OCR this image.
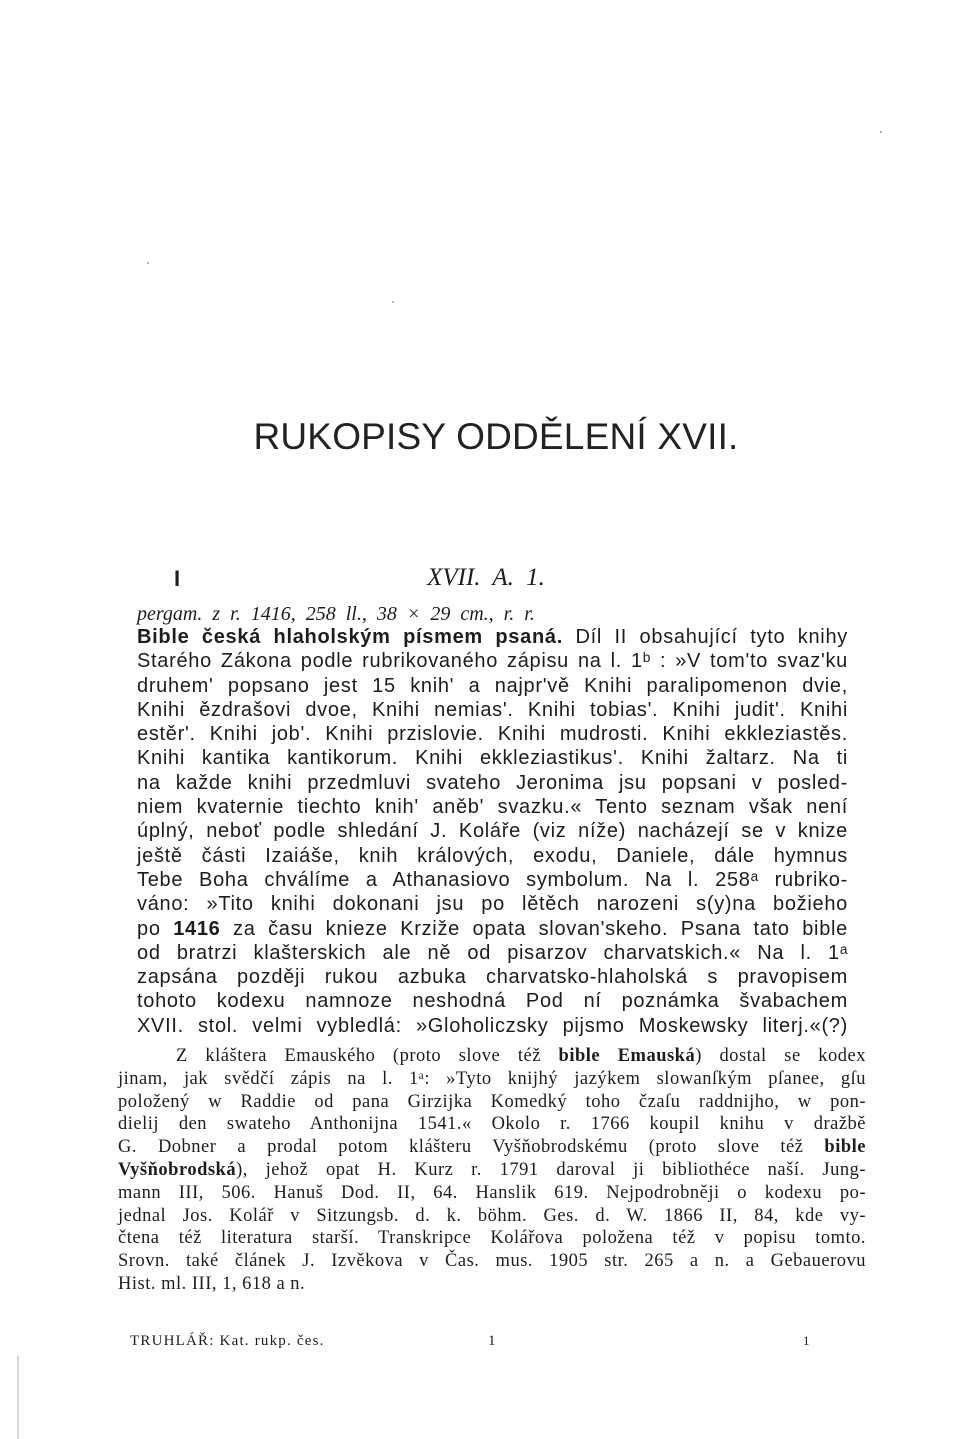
RUKOPISY ODDĚLENÍ XVII.
I	XVII. A. 1.
pergam. z r. 1416, 258 ll., 38 × 29 cm., r. r.
Bible česká hlaholským písmem psaná. Díl II obsahující tyto knihy
Starého Zákona podle rubrikovaného zápisu na l. 1ᵇ : »V tom'to svaz'ku
druhem' popsano jest 15 knih' a najpr'vě Knihi paralipomenon dvie,
Knihi ězdrašovi dvoe, Knihi nemias'. Knihi tobias'. Knihi judit'. Knihi
estěr'. Knihi job'. Knihi przislovie. Knihi mudrosti. Knihi ekkleziastěs.
Knihi kantika kantikorum. Knihi ekkleziastikus'. Knihi žaltarz. Na ti
na každe knihi przedmluvi svateho Jeronima jsu popsani v posled-
niem kvaternie tiechto knih' aněb' svazku.« Tento seznam však není
úplný, neboť podle shledání J. Koláře (viz níže) nacházejí se v knize
ještě části Izaiáše, knih králových, exodu, Daniele, dále hymnus
Tebe Boha chválíme a Athanasiovo symbolum. Na l. 258ᵃ rubriko-
váno: »Tito knihi dokonani jsu po lětěch narozeni s(y)na božieho
po 1416 za času knieze Krziže opata slovan'skeho. Psana tato bible
od bratrzi klašterskich ale ně od pisarzov charvatskich.« Na l. 1ᵃ
zapsána později rukou azbuka charvatsko-hlaholská s pravopisem
tohoto kodexu namnoze neshodná Pod ní poznámka švabachem
XVII. stol. velmi vybledlá: »Gloholiczsky pijsmo Moskewsky literj.«(?)
Z kláštera Emauského (proto slove též bible Emauská) dostal se kodex
jinam, jak svědčí zápis na l. 1ᵃ: »Tyto knijhý jazýkem slowanſkým pſanee, gſu
položený w Raddie od pana Girzijka Komedký toho čzaſu raddnijho, w pon-
dielij den swateho Anthonijna 1541.« Okolo r. 1766 koupil knihu v dražbě
G. Dobner a prodal potom klášteru Vyšňobrodskému (proto slove též bible
Vyšňobrodská), jehož opat H. Kurz r. 1791 daroval ji bibliothéce naší. Jung-
mann III, 506. Hanuš Dod. II, 64. Hanslik 619. Nejpodrobněji o kodexu po-
jednal Jos. Kolář v Sitzungsb. d. k. böhm. Ges. d. W. 1866 II, 84, kde vy-
čtena též literatura starší. Transkripce Kolářova položena též v popisu tomto.
Srovn. také článek J. Izvěkova v Čas. mus. 1905 str. 265 a n. a Gebauerovu
Hist. ml. III, 1, 618 a n.
TRUHLÁŘ: Kat. rukp. čes.	1	1
